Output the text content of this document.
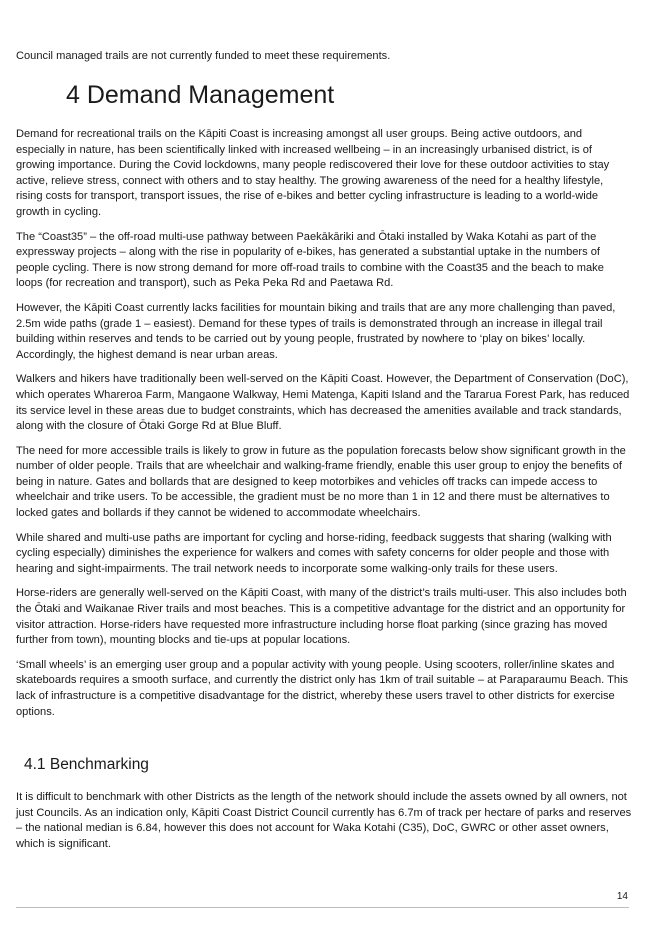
Council managed trails are not currently funded to meet these requirements.
4 Demand Management

Demand for recreational trails on the Kāpiti Coast is increasing amongst all user groups. Being active outdoors, and especially in nature, has been scientifically linked with increased wellbeing – in an increasingly urbanised district, is of growing importance. During the Covid lockdowns, many people rediscovered their love for these outdoor activities to stay active, relieve stress, connect with others and to stay healthy. The growing awareness of the need for a healthy lifestyle, rising costs for transport, transport issues, the rise of e-bikes and better cycling infrastructure is leading to a world-wide growth in cycling.

The “Coast35” – the off-road multi-use pathway between Paekākāriki and Ōtaki installed by Waka Kotahi as part of the expressway projects – along with the rise in popularity of e-bikes, has generated a substantial uptake in the numbers of people cycling. There is now strong demand for more off-road trails to combine with the Coast35 and the beach to make loops (for recreation and transport), such as Peka Peka Rd and Paetawa Rd.

However, the Kāpiti Coast currently lacks facilities for mountain biking and trails that are any more challenging than paved, 2.5m wide paths (grade 1 – easiest). Demand for these types of trails is demonstrated through an increase in illegal trail building within reserves and tends to be carried out by young people, frustrated by nowhere to ‘play on bikes’ locally. Accordingly, the highest demand is near urban areas.

Walkers and hikers have traditionally been well-served on the Kāpiti Coast. However, the Department of Conservation (DoC), which operates Whareroa Farm, Mangaone Walkway, Hemi Matenga, Kapiti Island and the Tararua Forest Park, has reduced its service level in these areas due to budget constraints, which has decreased the amenities available and track standards, along with the closure of Ōtaki Gorge Rd at Blue Bluff.

The need for more accessible trails is likely to grow in future as the population forecasts below show significant growth in the number of older people. Trails that are wheelchair and walking-frame friendly, enable this user group to enjoy the benefits of being in nature. Gates and bollards that are designed to keep motorbikes and vehicles off tracks can impede access to wheelchair and trike users. To be accessible, the gradient must be no more than 1 in 12 and there must be alternatives to locked gates and bollards if they cannot be widened to accommodate wheelchairs.

While shared and multi-use paths are important for cycling and horse-riding, feedback suggests that sharing (walking with cycling especially) diminishes the experience for walkers and comes with safety concerns for older people and those with hearing and sight-impairments. The trail network needs to incorporate some walking-only trails for these users.

Horse-riders are generally well-served on the Kāpiti Coast, with many of the district’s trails multi-user. This also includes both the Ōtaki and Waikanae River trails and most beaches. This is a competitive advantage for the district and an opportunity for visitor attraction. Horse-riders have requested more infrastructure including horse float parking (since grazing has moved further from town), mounting blocks and tie-ups at popular locations.

‘Small wheels’ is an emerging user group and a popular activity with young people. Using scooters, roller/inline skates and skateboards requires a smooth surface, and currently the district only has 1km of trail suitable – at Paraparaumu Beach. This lack of infrastructure is a competitive disadvantage for the district, whereby these users travel to other districts for exercise options.

4.1 Benchmarking

It is difficult to benchmark with other Districts as the length of the network should include the assets owned by all owners, not just Councils. As an indication only, Kāpiti Coast District Council currently has 6.7m of track per hectare of parks and reserves – the national median is 6.84, however this does not account for Waka Kotahi (C35), DoC, GWRC or other asset owners, which is significant.

14
